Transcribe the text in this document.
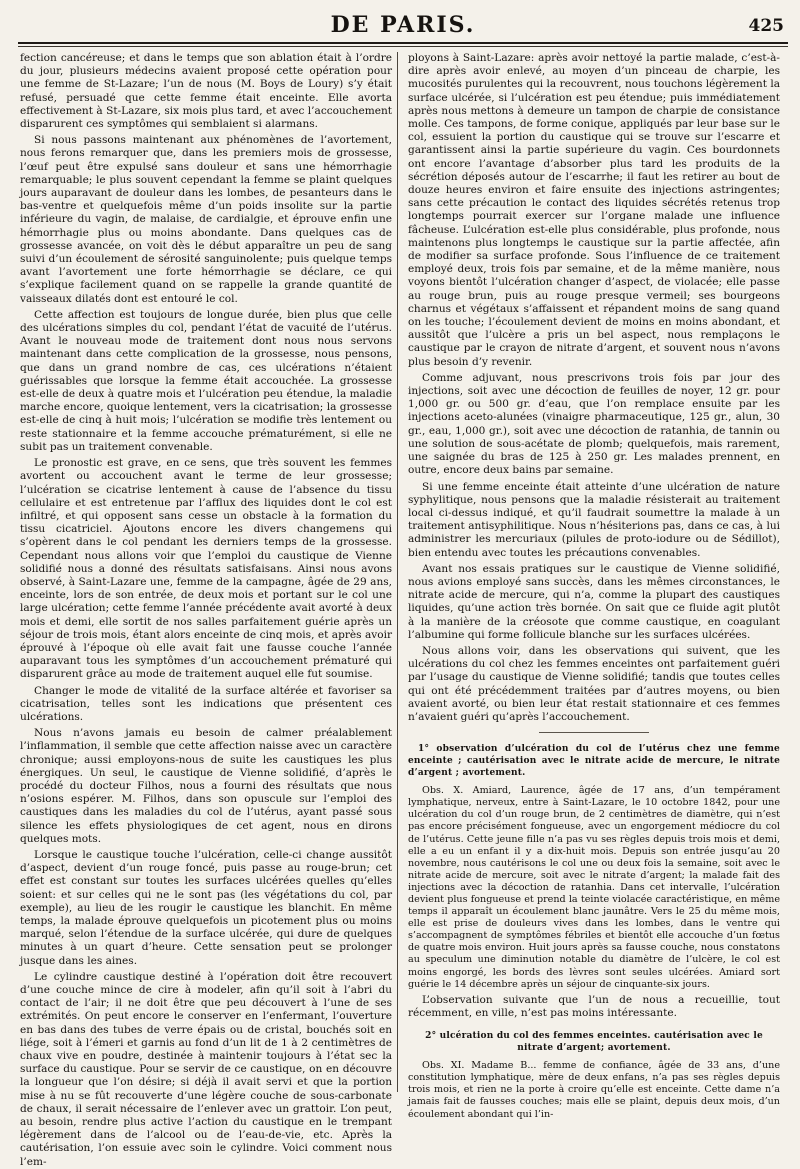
DE PARIS.	425

fection cancéreuse; et dans le temps que son ablation était à l’ordre du jour, plusieurs médecins avaient proposé cette opération pour une femme de St-Lazare; l’un de nous (M. Boys de Loury) s’y était refusé, persuadé que cette femme était enceinte. Elle avorta effectivement à St-Lazare, six mois plus tard, et avec l’accouchement disparurent ces symptômes qui semblaient si alarmans.

Si nous passons maintenant aux phénomènes de l’avortement, nous ferons remarquer que, dans les premiers mois de grossesse, l’œuf peut être expulsé sans douleur et sans une hémorrhagie remarquable; le plus souvent cependant la femme se plaint quelques jours auparavant de douleur dans les lombes, de pesanteurs dans le bas-ventre et quelquefois même d’un poids insolite sur la partie inférieure du vagin, de malaise, de cardialgie, et éprouve enfin une hémorrhagie plus ou moins abondante. Dans quelques cas de grossesse avancée, on voit dès le début apparaître un peu de sang suivi d’un écoulement de sérosité sanguinolente; puis quelque temps avant l’avortement une forte hémorrhagie se déclare, ce qui s’explique facilement quand on se rappelle la grande quantité de vaisseaux dilatés dont est entouré le col.

Cette affection est toujours de longue durée, bien plus que celle des ulcérations simples du col, pendant l’état de vacuité de l’utérus. Avant le nouveau mode de traitement dont nous nous servons maintenant dans cette complication de la grossesse, nous pensons, que dans un grand nombre de cas, ces ulcérations n’étaient guérissables que lorsque la femme était accouchée. La grossesse est-elle de deux à quatre mois et l’ulcération peu étendue, la maladie marche encore, quoique lentement, vers la cicatrisation; la grossesse est-elle de cinq à huit mois; l’ulcération se modifie très lentement ou reste stationnaire et la femme accouche prématurément, si elle ne subit pas un traitement convenable.

Le pronostic est grave, en ce sens, que très souvent les femmes avortent ou accouchent avant le terme de leur grossesse; l’ulcération se cicatrise lentement à cause de l’absence du tissu cellulaire et est entretenue par l’afflux des liquides dont le col est infiltré, et qui opposent sans cesse un obstacle à la formation du tissu cicatriciel. Ajoutons encore les divers changemens qui s’opèrent dans le col pendant les derniers temps de la grossesse. Cependant nous allons voir que l’emploi du caustique de Vienne solidifié nous a donné des résultats satisfaisans. Ainsi nous avons observé, à Saint-Lazare une, femme de la campagne, âgée de 29 ans, enceinte, lors de son entrée, de deux mois et portant sur le col une large ulcération; cette femme l’année précédente avait avorté à deux mois et demi, elle sortit de nos salles parfaitement guérie après un séjour de trois mois, étant alors enceinte de cinq mois, et après avoir éprouvé à l’époque où elle avait fait une fausse couche l’année auparavant tous les symptômes d’un accouchement prématuré qui disparurent grâce au mode de traitement auquel elle fut soumise.

Changer le mode de vitalité de la surface altérée et favoriser sa cicatrisation, telles sont les indications que présentent ces ulcérations.

Nous n’avons jamais eu besoin de calmer préalablement l’inflammation, il semble que cette affection naisse avec un caractère chronique; aussi employons-nous de suite les caustiques les plus énergiques. Un seul, le caustique de Vienne solidifié, d’après le procédé du docteur Filhos, nous a fourni des résultats que nous n’osions espérer. M. Filhos, dans son opuscule sur l’emploi des caustiques dans les maladies du col de l’utérus, ayant passé sous silence les effets physiologiques de cet agent, nous en dirons quelques mots.

Lorsque le caustique touche l’ulcération, celle-ci change aussitôt d’aspect, devient d’un rouge foncé, puis passe au rouge-brun; cet effet est constant sur toutes les surfaces ulcérées quelles qu’elles soient: et sur celles qui ne le sont pas (les végétations du col, par exemple), au lieu de les rougir le caustique les blanchit. En même temps, la malade éprouve quelquefois un picotement plus ou moins marqué, selon l’étendue de la surface ulcérée, qui dure de quelques minutes à un quart d’heure. Cette sensation peut se prolonger jusque dans les aines.

Le cylindre caustique destiné à l’opération doit être recouvert d’une couche mince de cire à modeler, afin qu’il soit à l’abri du contact de l’air; il ne doit être que peu découvert à l’une de ses extrémités. On peut encore le conserver en l’enfermant, l’ouverture en bas dans des tubes de verre épais ou de cristal, bouchés soit en liége, soit à l’émeri et garnis au fond d’un lit de 1 à 2 centimètres de chaux vive en poudre, destinée à maintenir toujours à l’état sec la surface du caustique. Pour se servir de ce caustique, on en découvre la longueur que l’on désire; si déjà il avait servi et que la portion mise à nu se fût recouverte d’une légère couche de sous-carbonate de chaux, il serait nécessaire de l’enlever avec un grattoir. L’on peut, au besoin, rendre plus active l’action du caustique en le trempant légèrement dans de l’alcool ou de l’eau-de-vie, etc. Après la cautérisation, l’on essuie avec soin le cylindre. Voici comment nous l’em-

ployons à Saint-Lazare: après avoir nettoyé la partie malade, c’est-à-dire après avoir enlevé, au moyen d’un pinceau de charpie, les mucosités purulentes qui la recouvrent, nous touchons légèrement la surface ulcérée, si l’ulcération est peu étendue; puis immédiatement après nous mettons à demeure un tampon de charpie de consistance molle. Ces tampons, de forme conique, appliqués par leur base sur le col, essuient la portion du caustique qui se trouve sur l’escarre et garantissent ainsi la partie supérieure du vagin. Ces bourdonnets ont encore l’avantage d’absorber plus tard les produits de la sécrétion déposés autour de l’escarrhe; il faut les retirer au bout de douze heures environ et faire ensuite des injections astringentes; sans cette précaution le contact des liquides sécrétés retenus trop longtemps pourrait exercer sur l’organe malade une influence fâcheuse. L’ulcération est-elle plus considérable, plus profonde, nous maintenons plus longtemps le caustique sur la partie affectée, afin de modifier sa surface profonde. Sous l’influence de ce traitement employé deux, trois fois par semaine, et de la même manière, nous voyons bientôt l’ulcération changer d’aspect, de violacée; elle passe au rouge brun, puis au rouge presque vermeil; ses bourgeons charnus et végétaux s’affaissent et répandent moins de sang quand on les touche; l’écoulement devient de moins en moins abondant, et aussitôt que l’ulcère a pris un bel aspect, nous remplaçons le caustique par le crayon de nitrate d’argent, et souvent nous n’avons plus besoin d’y revenir.

Comme adjuvant, nous prescrivons trois fois par jour des injections, soit avec une décoction de feuilles de noyer, 12 gr. pour 1,000 gr. ou 500 gr. d’eau, que l’on remplace ensuite par les injections aceto-alunées (vinaigre pharmaceutique, 125 gr., alun, 30 gr., eau, 1,000 gr.), soit avec une décoction de ratanhia, de tannin ou une solution de sous-acétate de plomb; quelquefois, mais rarement, une saignée du bras de 125 à 250 gr. Les malades prennent, en outre, encore deux bains par semaine.

Si une femme enceinte était atteinte d’une ulcération de nature syphylitique, nous pensons que la maladie résisterait au traitement local ci-dessus indiqué, et qu’il faudrait soumettre la malade à un traitement antisyphilitique. Nous n’hésiterions pas, dans ce cas, à lui administrer les mercuriaux (pilules de proto-iodure ou de Sédillot), bien entendu avec toutes les précautions convenables.

Avant nos essais pratiques sur le caustique de Vienne solidifié, nous avions employé sans succès, dans les mêmes circonstances, le nitrate acide de mercure, qui n’a, comme la plupart des caustiques liquides, qu’une action très bornée. On sait que ce fluide agit plutôt à la manière de la créosote que comme caustique, en coagulant l’albumine qui forme follicule blanche sur les surfaces ulcérées.

Nous allons voir, dans les observations qui suivent, que les ulcérations du col chez les femmes enceintes ont parfaitement guéri par l’usage du caustique de Vienne solidifié; tandis que toutes celles qui ont été précédemment traitées par d’autres moyens, ou bien avaient avorté, ou bien leur état restait stationnaire et ces femmes n’avaient guéri qu’après l’accouchement.

1° observation d’ulcération du col de l’utérus chez une femme enceinte ; cautérisation avec le nitrate acide de mercure, le nitrate d’argent ; avortement.

Obs. X. Amiard, Laurence, âgée de 17 ans, d’un tempérament lymphatique, nerveux, entre à Saint-Lazare, le 10 octobre 1842, pour une ulcération du col d’un rouge brun, de 2 centimètres de diamètre, qui n’est pas encore précisément fongueuse, avec un engorgement médiocre du col de l’utérus. Cette jeune fille n’a pas vu ses règles depuis trois mois et demi, elle a eu un enfant il y a dix-huit mois. Depuis son entrée jusqu’au 20 novembre, nous cautérisons le col une ou deux fois la semaine, soit avec le nitrate acide de mercure, soit avec le nitrate d’argent; la malade fait des injections avec la décoction de ratanhia. Dans cet intervalle, l’ulcération devient plus fongueuse et prend la teinte violacée caractéristique, en même temps il apparaît un écoulement blanc jaunâtre. Vers le 25 du même mois, elle est prise de douleurs vives dans les lombes, dans le ventre qui s’accompagnent de symptômes fébriles et bientôt elle accouche d’un fœtus de quatre mois environ. Huit jours après sa fausse couche, nous constatons au speculum une diminution notable du diamètre de l’ulcère, le col est moins engorgé, les bords des lèvres sont seules ulcérées. Amiard sort guérie le 14 décembre après un séjour de cinquante-six jours.

L’observation suivante que l’un de nous a recueillie, tout récemment, en ville, n’est pas moins intéressante.

2° ulcération du col des femmes enceintes. cautérisation avec le nitrate d’argent; avortement.

Obs. XI. Madame B... femme de confiance, âgée de 33 ans, d’une constitution lymphatique, mère de deux enfans, n’a pas ses règles depuis trois mois, et rien ne la porte à croire qu’elle est enceinte. Cette dame n’a jamais fait de fausses couches; mais elle se plaint, depuis deux mois, d’un écoulement abondant qui l’in-
